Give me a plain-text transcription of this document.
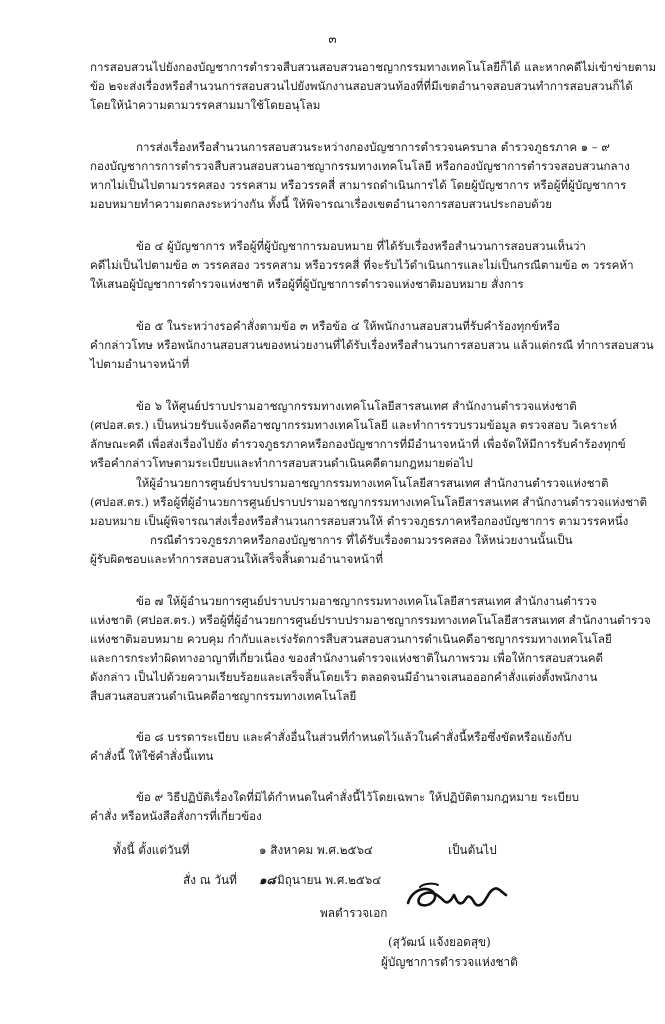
๓
การสอบสวนไปยังกองบัญชาการตำรวจสืบสวนสอบสวนอาชญากรรมทางเทคโนโลยีก็ได้ และหากคดีไม่เข้าข่ายตาม
ข้อ ๒จะส่งเรื่องหรือสำนวนการสอบสวนไปยังพนักงานสอบสวนท้องที่ที่มีเขตอำนาจสอบสวนทำการสอบสวนก็ได้
โดยให้นำความตามวรรคสามมาใช้โดยอนุโลม
การส่งเรื่องหรือสำนวนการสอบสวนระหว่างกองบัญชาการตำรวจนครบาล ตำรวจภูธรภาค ๑ – ๙
กองบัญชาการการตำรวจสืบสวนสอบสวนอาชญากรรมทางเทคโนโลยี หรือกองบัญชาการตำรวจสอบสวนกลาง
หากไม่เป็นไปตามวรรคสอง วรรคสาม หรือวรรคสี่ สามารถดำเนินการได้ โดยผู้บัญชาการ หรือผู้ที่ผู้บัญชาการ
มอบหมายทำความตกลงระหว่างกัน ทั้งนี้ ให้พิจารณาเรื่องเขตอำนาจการสอบสวนประกอบด้วย
ข้อ ๔ ผู้บัญชาการ หรือผู้ที่ผู้บัญชาการมอบหมาย ที่ได้รับเรื่องหรือสำนวนการสอบสวนเห็นว่า
คดีไม่เป็นไปตามข้อ ๓ วรรคสอง วรรคสาม หรือวรรคสี่ ที่จะรับไว้ดำเนินการและไม่เป็นกรณีตามข้อ ๓ วรรคห้า
ให้เสนอผู้บัญชาการตำรวจแห่งชาติ หรือผู้ที่ผู้บัญชาการตำรวจแห่งชาติมอบหมาย สั่งการ
ข้อ ๕ ในระหว่างรอคำสั่งตามข้อ ๓ หรือข้อ ๔ ให้พนักงานสอบสวนที่รับคำร้องทุกข์หรือ
คำกล่าวโทษ หรือพนักงานสอบสวนของหน่วยงานที่ได้รับเรื่องหรือสำนวนการสอบสวน แล้วแต่กรณี ทำการสอบสวน
ไปตามอำนาจหน้าที่
ข้อ ๖ ให้ศูนย์ปราบปรามอาชญากรรมทางเทคโนโลยีสารสนเทศ สำนักงานตำรวจแห่งชาติ
(ศปอส.ตร.) เป็นหน่วยรับแจ้งคดีอาชญากรรมทางเทคโนโลยี และทำการรวบรวมข้อมูล ตรวจสอบ วิเคราะห์
ลักษณะคดี เพื่อส่งเรื่องไปยัง ตำรวจภูธรภาคหรือกองบัญชาการที่มีอำนาจหน้าที่ เพื่อจัดให้มีการรับคำร้องทุกข์
หรือคำกล่าวโทษตามระเบียบและทำการสอบสวนดำเนินคดีตามกฎหมายต่อไป
ให้ผู้อำนวยการศูนย์ปราบปรามอาชญากรรมทางเทคโนโลยีสารสนเทศ สำนักงานตำรวจแห่งชาติ
(ศปอส.ตร.) หรือผู้ที่ผู้อำนวยการศูนย์ปราบปรามอาชญากรรมทางเทคโนโลยีสารสนเทศ สำนักงานตำรวจแห่งชาติ
มอบหมาย เป็นผู้พิจารณาส่งเรื่องหรือสำนวนการสอบสวนให้ ตำรวจภูธรภาคหรือกองบัญชาการ ตามวรรคหนึ่ง
กรณีตำรวจภูธรภาคหรือกองบัญชาการ ที่ได้รับเรื่องตามวรรคสอง ให้หน่วยงานนั้นเป็น
ผู้รับผิดชอบและทำการสอบสวนให้เสร็จสิ้นตามอำนาจหน้าที่
ข้อ ๗ ให้ผู้อำนวยการศูนย์ปราบปรามอาชญากรรมทางเทคโนโลยีสารสนเทศ สำนักงานตำรวจ
แห่งชาติ (ศปอส.ตร.) หรือผู้ที่ผู้อำนวยการศูนย์ปราบปรามอาชญากรรมทางเทคโนโลยีสารสนเทศ สำนักงานตำรวจ
แห่งชาติมอบหมาย ควบคุม กำกับและเร่งรัดการสืบสวนสอบสวนการดำเนินคดีอาชญากรรมทางเทคโนโลยี
และการกระทำผิดทางอาญาที่เกี่ยวเนื่อง ของสำนักงานตำรวจแห่งชาติในภาพรวม เพื่อให้การสอบสวนคดี
ดังกล่าว เป็นไปด้วยความเรียบร้อยและเสร็จสิ้นโดยเร็ว ตลอดจนมีอำนาจเสนอออกคำสั่งแต่งตั้งพนักงาน
สืบสวนสอบสวนดำเนินคดีอาชญากรรมทางเทคโนโลยี
ข้อ ๘ บรรดาระเบียบ และคำสั่งอื่นในส่วนที่กำหนดไว้แล้วในคำสั่งนี้หรือซึ่งขัดหรือแย้งกับ
คำสั่งนี้ ให้ใช้คำสั่งนี้แทน
ข้อ ๙ วิธีปฏิบัติเรื่องใดที่มิได้กำหนดในคำสั่งนี้ไว้โดยเฉพาะ ให้ปฏิบัติตามกฎหมาย ระเบียบ
คำสั่ง หรือหนังสือสั่งการที่เกี่ยวข้อง
ทั้งนี้ ตั้งแต่วันที่	๑ สิงหาคม พ.ศ.๒๕๖๔	เป็นต้นไป
สั่ง ณ วันที่ ๑๘ มิถุนายน พ.ศ.๒๕๖๔
พลตำรวจเอก
(สุวัฒน์ แจ้งยอดสุข)
ผู้บัญชาการตำรวจแห่งชาติ
